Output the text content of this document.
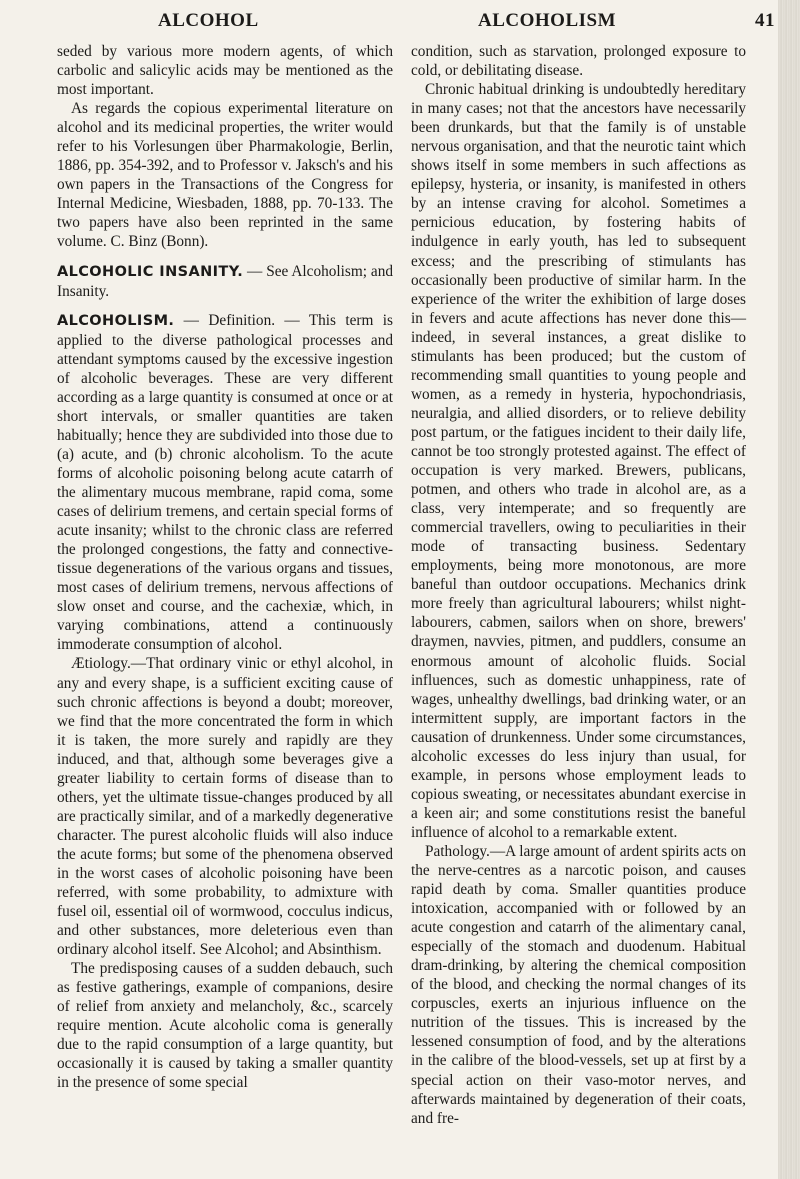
ALCOHOL	ALCOHOLISM	41

seded by various more modern agents, of which carbolic and salicylic acids may be mentioned as the most important.

As regards the copious experimental literature on alcohol and its medicinal properties, the writer would refer to his Vorlesungen über Pharmakologie, Berlin, 1886, pp. 354-392, and to Professor v. Jaksch's and his own papers in the Transactions of the Congress for Internal Medicine, Wiesbaden, 1888, pp. 70-133. The two papers have also been reprinted in the same volume. C. Binz (Bonn).

ALCOHOLIC INSANITY. — See Alcoholism; and Insanity.

ALCOHOLISM. — Definition. — This term is applied to the diverse pathological processes and attendant symptoms caused by the excessive ingestion of alcoholic beverages. These are very different according as a large quantity is consumed at once or at short intervals, or smaller quantities are taken habitually; hence they are subdivided into those due to (a) acute, and (b) chronic alcoholism. To the acute forms of alcoholic poisoning belong acute catarrh of the alimentary mucous membrane, rapid coma, some cases of delirium tremens, and certain special forms of acute insanity; whilst to the chronic class are referred the prolonged congestions, the fatty and connective-tissue degenerations of the various organs and tissues, most cases of delirium tremens, nervous affections of slow onset and course, and the cachexiæ, which, in varying combinations, attend a continuously immoderate consumption of alcohol.

Ætiology.—That ordinary vinic or ethyl alcohol, in any and every shape, is a sufficient exciting cause of such chronic affections is beyond a doubt; moreover, we find that the more concentrated the form in which it is taken, the more surely and rapidly are they induced, and that, although some beverages give a greater liability to certain forms of disease than to others, yet the ultimate tissue-changes produced by all are practically similar, and of a markedly degenerative character. The purest alcoholic fluids will also induce the acute forms; but some of the phenomena observed in the worst cases of alcoholic poisoning have been referred, with some probability, to admixture with fusel oil, essential oil of wormwood, cocculus indicus, and other substances, more deleterious even than ordinary alcohol itself. See Alcohol; and Absinthism.

The predisposing causes of a sudden debauch, such as festive gatherings, example of companions, desire of relief from anxiety and melancholy, &c., scarcely require mention. Acute alcoholic coma is generally due to the rapid consumption of a large quantity, but occasionally it is caused by taking a smaller quantity in the presence of some special

condition, such as starvation, prolonged exposure to cold, or debilitating disease.

Chronic habitual drinking is undoubtedly hereditary in many cases; not that the ancestors have necessarily been drunkards, but that the family is of unstable nervous organisation, and that the neurotic taint which shows itself in some members in such affections as epilepsy, hysteria, or insanity, is manifested in others by an intense craving for alcohol. Sometimes a pernicious education, by fostering habits of indulgence in early youth, has led to subsequent excess; and the prescribing of stimulants has occasionally been productive of similar harm. In the experience of the writer the exhibition of large doses in fevers and acute affections has never done this—indeed, in several instances, a great dislike to stimulants has been produced; but the custom of recommending small quantities to young people and women, as a remedy in hysteria, hypochondriasis, neuralgia, and allied disorders, or to relieve debility post partum, or the fatigues incident to their daily life, cannot be too strongly protested against. The effect of occupation is very marked. Brewers, publicans, potmen, and others who trade in alcohol are, as a class, very intemperate; and so frequently are commercial travellers, owing to peculiarities in their mode of transacting business. Sedentary employments, being more monotonous, are more baneful than outdoor occupations. Mechanics drink more freely than agricultural labourers; whilst night-labourers, cabmen, sailors when on shore, brewers' draymen, navvies, pitmen, and puddlers, consume an enormous amount of alcoholic fluids. Social influences, such as domestic unhappiness, rate of wages, unhealthy dwellings, bad drinking water, or an intermittent supply, are important factors in the causation of drunkenness. Under some circumstances, alcoholic excesses do less injury than usual, for example, in persons whose employment leads to copious sweating, or necessitates abundant exercise in a keen air; and some constitutions resist the baneful influence of alcohol to a remarkable extent.

Pathology.—A large amount of ardent spirits acts on the nerve-centres as a narcotic poison, and causes rapid death by coma. Smaller quantities produce intoxication, accompanied with or followed by an acute congestion and catarrh of the alimentary canal, especially of the stomach and duodenum. Habitual dram-drinking, by altering the chemical composition of the blood, and checking the normal changes of its corpuscles, exerts an injurious influence on the nutrition of the tissues. This is increased by the lessened consumption of food, and by the alterations in the calibre of the blood-vessels, set up at first by a special action on their vaso-motor nerves, and afterwards maintained by degeneration of their coats, and fre-
